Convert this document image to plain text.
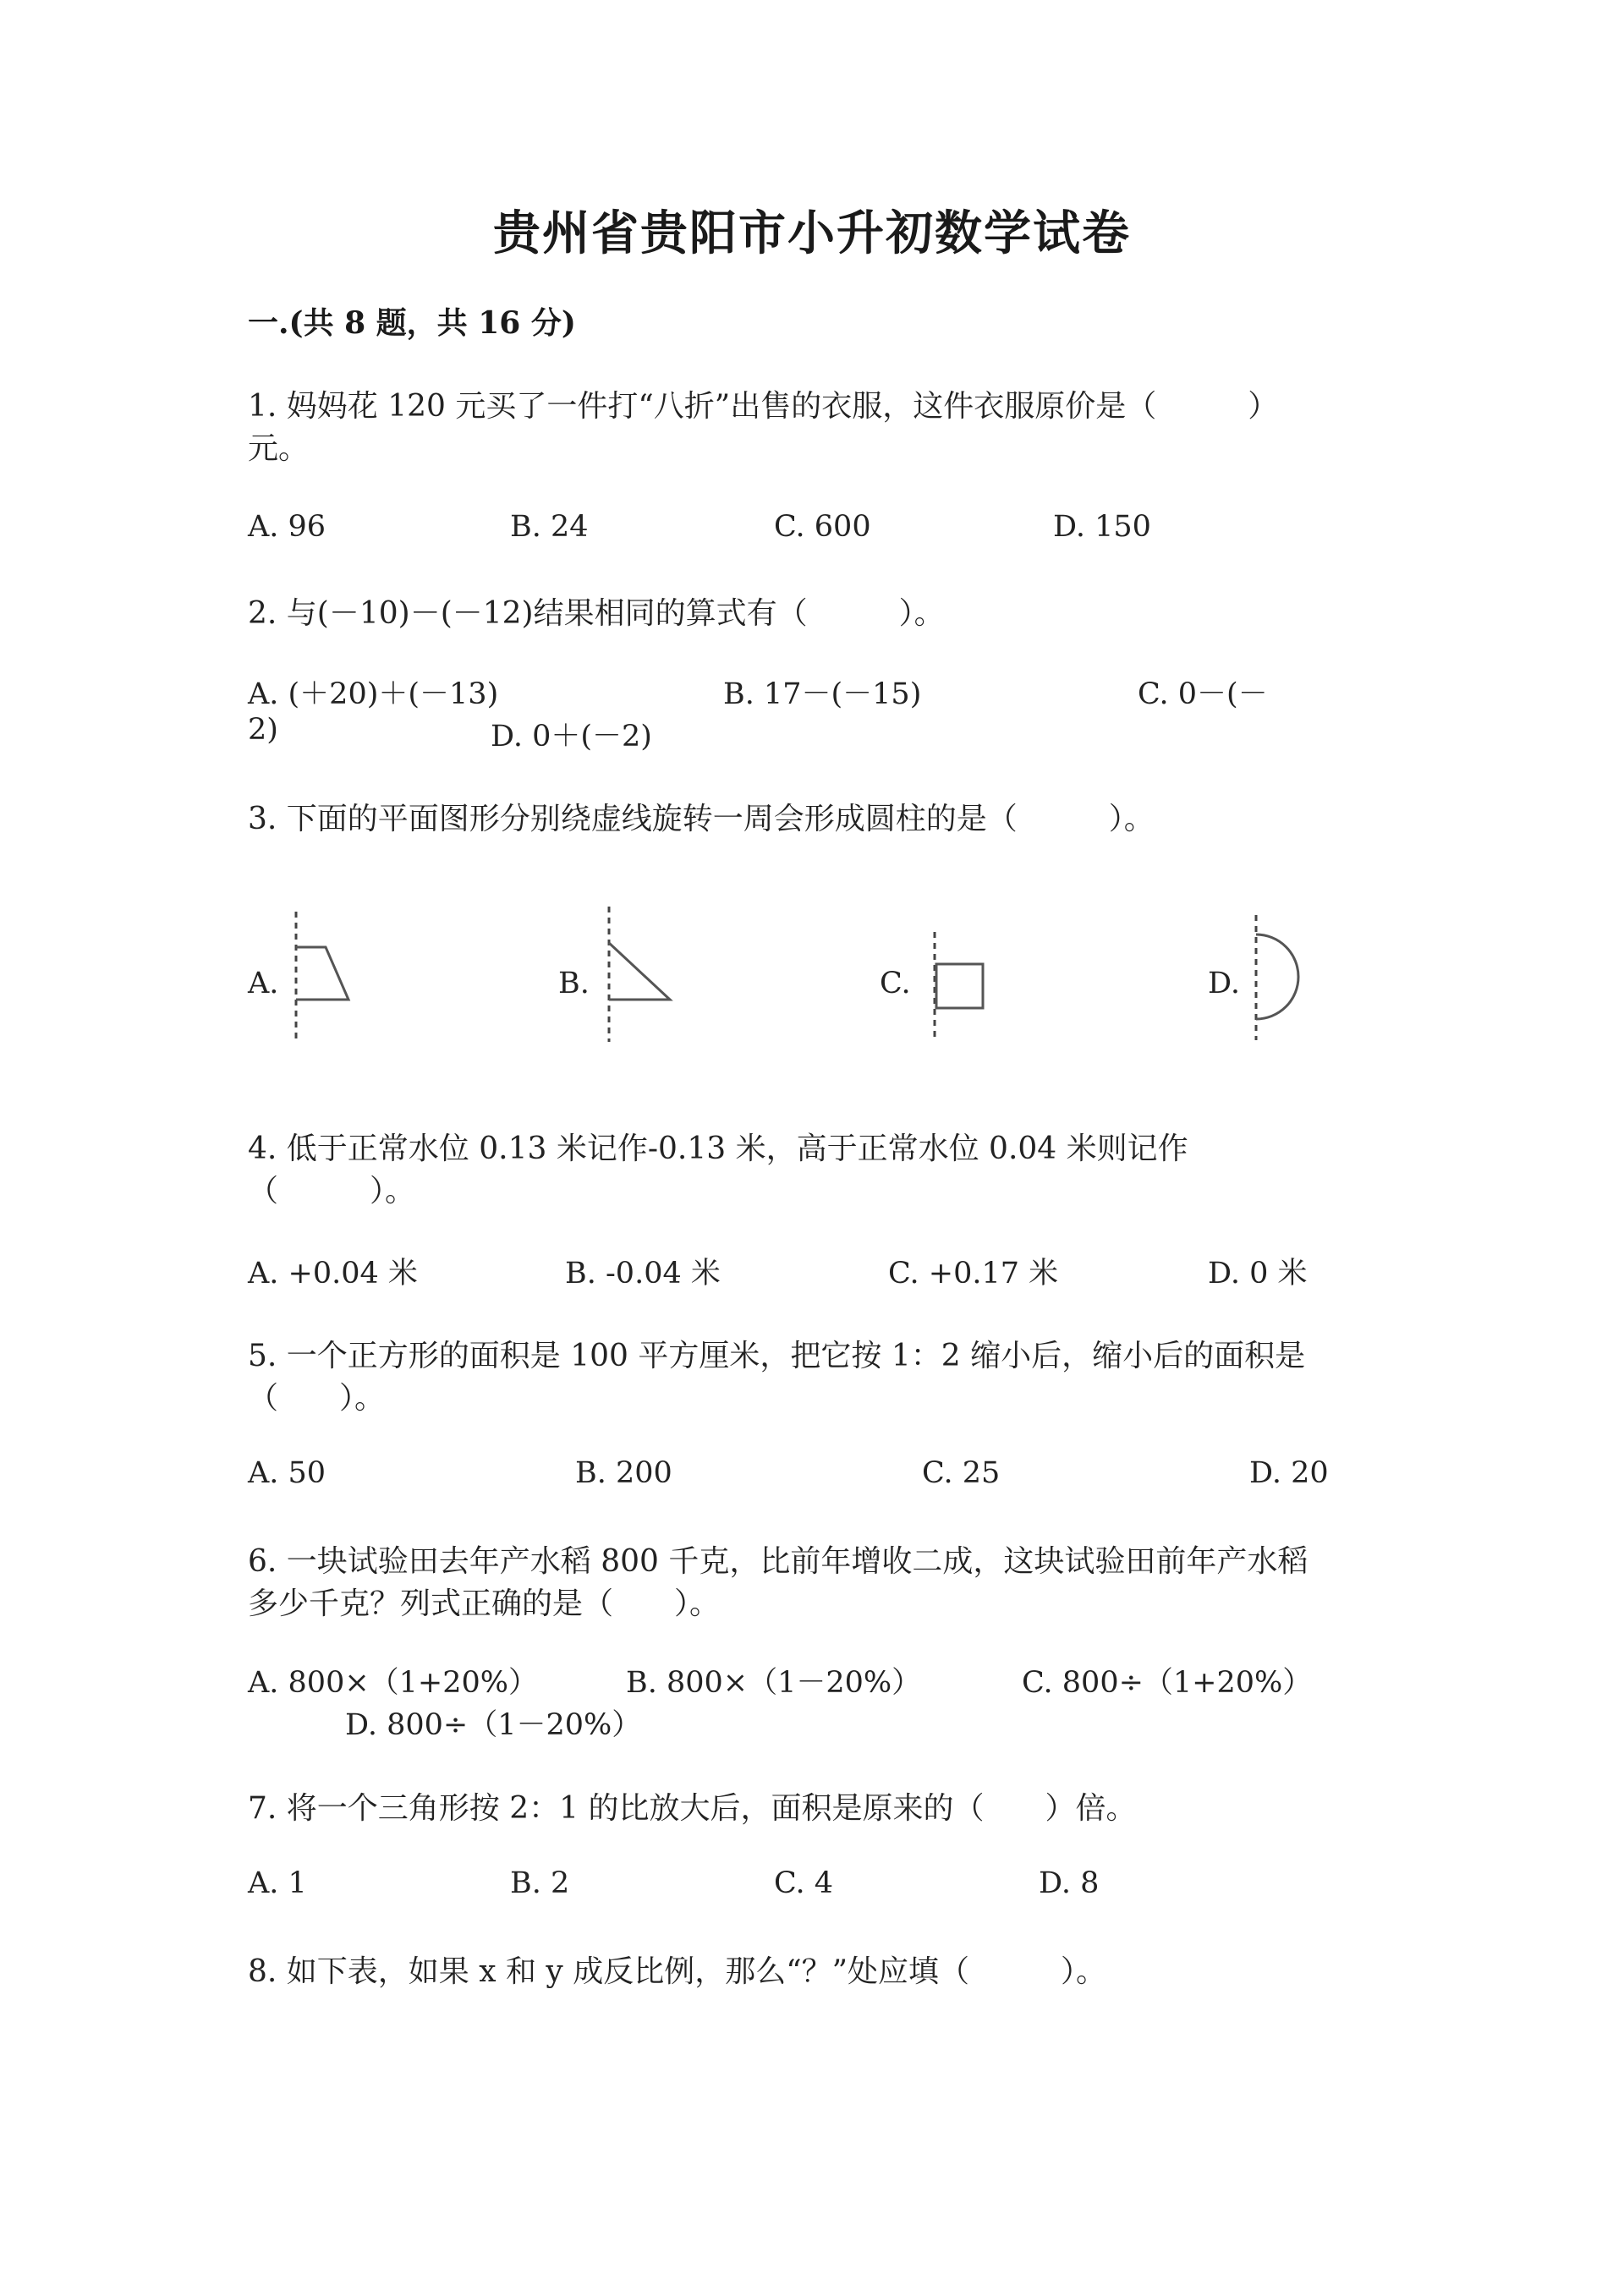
贵州省贵阳市小升初数学试卷
一.(共 8 题，共 16 分)
1. 妈妈花 120 元买了一件打“八折”出售的衣服，这件衣服原价是（　　　）
元。
A. 96	B. 24	C. 600	D. 150
2. 与(－10)－(－12)结果相同的算式有（　　　）。
A. (＋20)＋(－13)	B. 17－(－15)	C. 0－(－
2)	D. 0＋(－2)
3. 下面的平面图形分别绕虚线旋转一周会形成圆柱的是（　　　）。
A.	B.	C.	D.
4. 低于正常水位 0.13 米记作-0.13 米，高于正常水位 0.04 米则记作
（　　　）。
A. +0.04 米	B. -0.04 米	C. +0.17 米	D. 0 米
5. 一个正方形的面积是 100 平方厘米，把它按 1：2 缩小后，缩小后的面积是
（　　）。
A. 50	B. 200	C. 25	D. 20
6. 一块试验田去年产水稻 800 千克，比前年增收二成，这块试验田前年产水稻
多少千克？列式正确的是（　　）。
A. 800×（1+20%）	B. 800×（1－20%）	C. 800÷（1+20%）
D. 800÷（1－20%）
7. 将一个三角形按 2：1 的比放大后，面积是原来的（　　）倍。
A. 1	B. 2	C. 4	D. 8
8. 如下表，如果 x 和 y 成反比例，那么“？”处应填（　　　）。
